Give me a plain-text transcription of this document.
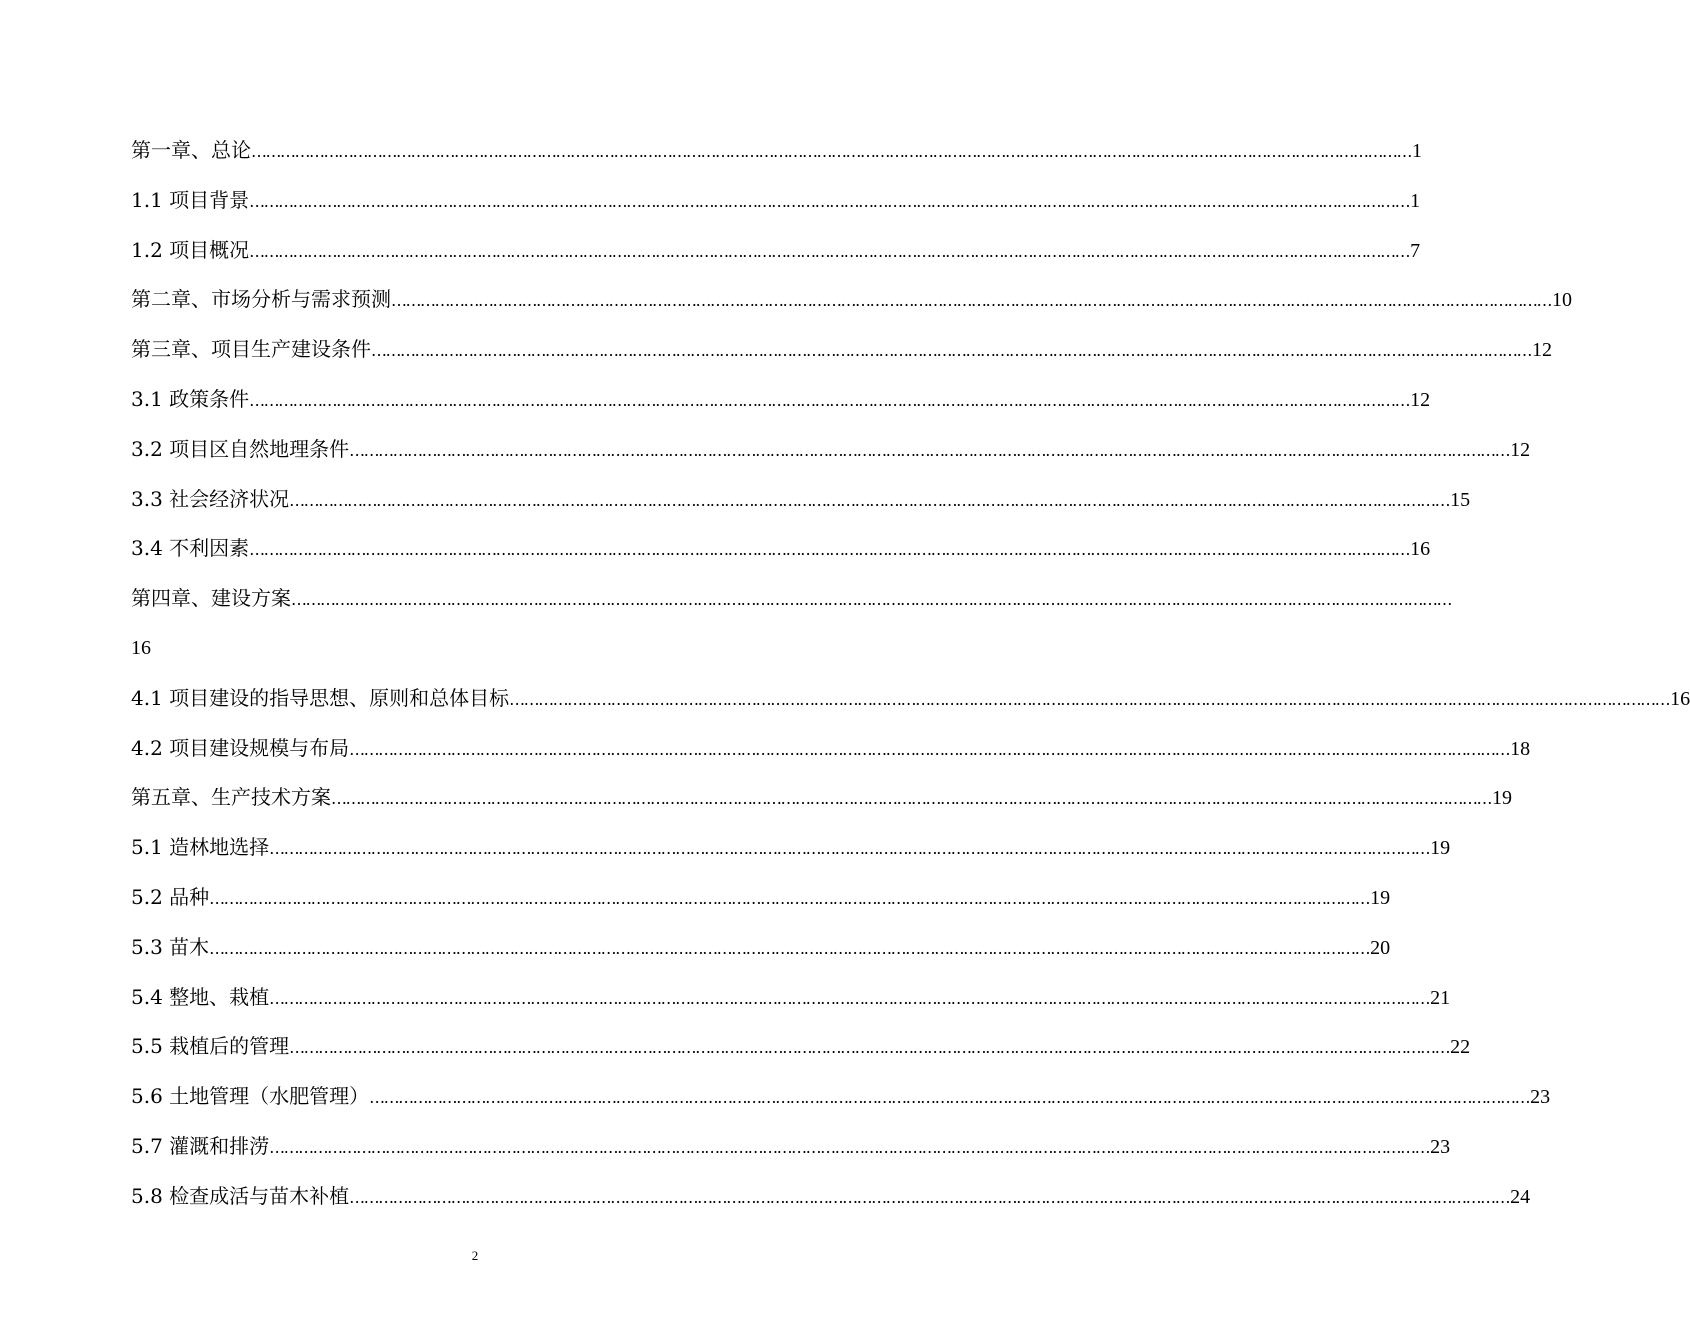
第一章、总论 …………………………………………………………………………………………………………………………………………………………………………………………………………………… 1
1.1 项目背景 …………………………………………………………………………………………………………………………………………………………………………………………………………………… 1
1.2 项目概况 …………………………………………………………………………………………………………………………………………………………………………………………………………………… 7
第二章、市场分析与需求预测 …………………………………………………………………………………………………………………………………………………………………………………………………………………… 10
第三章、项目生产建设条件 …………………………………………………………………………………………………………………………………………………………………………………………………………………… 12
3.1 政策条件 …………………………………………………………………………………………………………………………………………………………………………………………………………………… 12
3.2 项目区自然地理条件 …………………………………………………………………………………………………………………………………………………………………………………………………………………… 12
3.3 社会经济状况 …………………………………………………………………………………………………………………………………………………………………………………………………………………… 15
3.4 不利因素 …………………………………………………………………………………………………………………………………………………………………………………………………………………… 16
第四章、建设方案 ……………………………………………………………………………………………………………………………………………………………………………………………………………………
16
4.1 项目建设的指导思想、原则和总体目标 …………………………………………………………………………………………………………………………………………………………………………………………………………………… 16
4.2 项目建设规模与布局 …………………………………………………………………………………………………………………………………………………………………………………………………………………… 18
第五章、生产技术方案 …………………………………………………………………………………………………………………………………………………………………………………………………………………… 19
5.1 造林地选择 …………………………………………………………………………………………………………………………………………………………………………………………………………………… 19
5.2 品种 …………………………………………………………………………………………………………………………………………………………………………………………………………………… 19
5.3 苗木 …………………………………………………………………………………………………………………………………………………………………………………………………………………… 20
5.4 整地、栽植 …………………………………………………………………………………………………………………………………………………………………………………………………………………… 21
5.5 栽植后的管理 …………………………………………………………………………………………………………………………………………………………………………………………………………………… 22
5.6 土地管理（水肥管理） …………………………………………………………………………………………………………………………………………………………………………………………………………………… 23
5.7 灌溉和排涝 …………………………………………………………………………………………………………………………………………………………………………………………………………………… 23
5.8 检查成活与苗木补植 …………………………………………………………………………………………………………………………………………………………………………………………………………………… 24
2
